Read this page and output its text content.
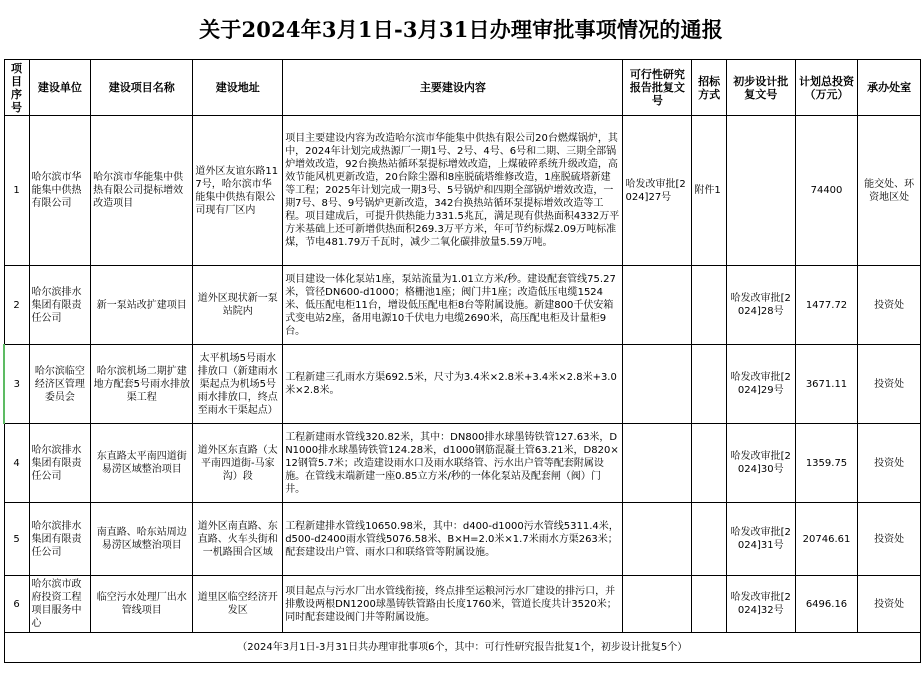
关于2024年3月1日-3月31日办理审批事项情况的通报
项目序号	建设单位	建设项目名称	建设地址	主要建设内容	可行性研究报告批复文号	招标方式	初步设计批复文号	计划总投资（万元）	承办处室
1	哈尔滨市华能集中供热有限公司	哈尔滨市华能集中供热有限公司提标增效改造项目	道外区友谊东路117号，哈尔滨市华能集中供热有限公司现有厂区内	项目主要建设内容为改造哈尔滨市华能集中供热有限公司20台燃煤锅炉，其中，2024年计划完成热源厂一期1号、2号、4号、6号和二期、三期全部锅炉增效改造，92台换热站循环泵提标增效改造，上煤破碎系统升级改造，高效节能风机更新改造，20台除尘器和8座脱硫塔维修改造，1座脱硫塔新建等工程；2025年计划完成一期3号、5号锅炉和四期全部锅炉增效改造，一期7号、8号、9号锅炉更新改造，342台换热站循环泵提标增效改造等工程。项目建成后，可提升供热能力331.5兆瓦，满足现有供热面积4332万平方米基础上还可新增供热面积269.3万平方米，年可节约标煤2.09万吨标准煤，节电481.79万千瓦时，减少二氧化碳排放量5.59万吨。	哈发改审批[2024]27号	附件1		74400	能交处、环资地区处
2	哈尔滨排水集团有限责任公司	新一泵站改扩建项目	道外区现状新一泵站院内	项目建设一体化泵站1座，泵站流量为1.01立方米/秒。建设配套管线75.27米，管径DN600-d1000；格栅池1座；阀门井1座；改造低压电缆1524米、低压配电柜11台，增设低压配电柜8台等附属设施。新建800千伏安箱式变电站2座，备用电源10千伏电力电缆2690米，高压配电柜及计量柜9台。			哈发改审批[2024]28号	1477.72	投资处
3	哈尔滨临空经济区管理委员会	哈尔滨机场二期扩建地方配套5号雨水排放渠工程	太平机场5号雨水排放口（新建雨水渠起点为机场5号雨水排放口，终点至雨水干渠起点）	工程新建三孔雨水方渠692.5米，尺寸为3.4米×2.8米+3.4米×2.8米+3.0米×2.8米。			哈发改审批[2024]29号	3671.11	投资处
4	哈尔滨排水集团有限责任公司	东直路太平南四道街易涝区域整治项目	道外区东直路（太平南四道街-马家沟）段	工程新建雨水管线320.82米，其中：DN800排水球墨铸铁管127.63米，DN1000排水球墨铸铁管124.28米，d1000钢筋混凝土管63.21米，D820×12钢管5.7米；改造建设雨水口及雨水联络管、污水出户管等配套附属设施。在管线末端新建一座0.85立方米/秒的一体化泵站及配套闸（阀）门井。			哈发改审批[2024]30号	1359.75	投资处
5	哈尔滨排水集团有限责任公司	南直路、哈东站周边易涝区域整治项目	道外区南直路、东直路、火车头街和一机路围合区域	工程新建排水管线10650.98米，其中：d400-d1000污水管线5311.4米，d500-d2400雨水管线5076.58米、B×H=2.0米×1.7米雨水方渠263米；配套建设出户管、雨水口和联络管等附属设施。			哈发改审批[2024]31号	20746.61	投资处
6	哈尔滨市政府投资工程项目服务中心	临空污水处理厂出水管线项目	道里区临空经济开发区	项目起点与污水厂出水管线衔接，终点排至运粮河污水厂建设的排污口，并排敷设两根DN1200球墨铸铁管路由长度1760米，管道长度共计3520米；同时配套建设阀门井等附属设施。			哈发改审批[2024]32号	6496.16	投资处
（2024年3月1日-3月31日共办理审批事项6个，其中：可行性研究报告批复1个，初步设计批复5个）									
